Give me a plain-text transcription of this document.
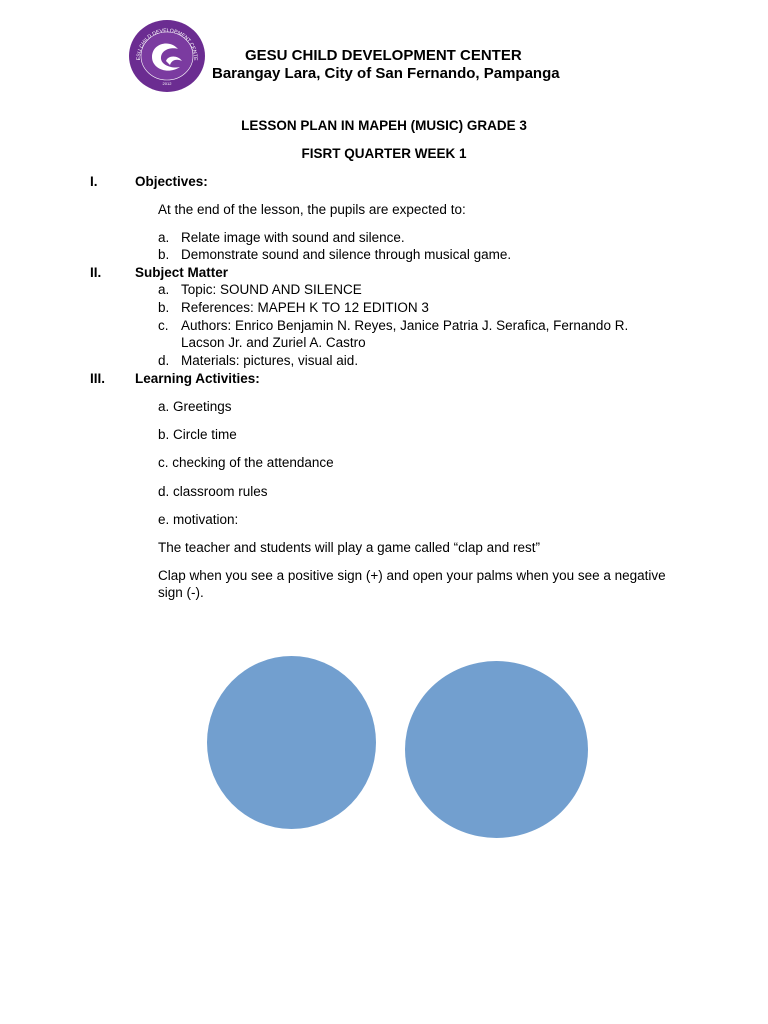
ESU CHILD DEVELOPMENT CENTE
2012
GESU CHILD DEVELOPMENT CENTER
Barangay Lara, City of San Fernando, Pampanga
LESSON PLAN IN MAPEH (MUSIC) GRADE 3
FISRT QUARTER WEEK 1
I.	Objectives:
At the end of the lesson, the pupils are expected to:
a. Relate image with sound and silence.
b. Demonstrate sound and silence through musical game.
II. Subject Matter
a. Topic: SOUND AND SILENCE
b. References: MAPEH K TO 12 EDITION 3
c. Authors: Enrico Benjamin N. Reyes, Janice Patria J. Serafica, Fernando R.
Lacson Jr. and Zuriel A. Castro
d. Materials: pictures, visual aid.
III. Learning Activities:
a. Greetings
b. Circle time
c. checking of the attendance
d. classroom rules
e. motivation:
The teacher and students will play a game called “clap and rest”
Clap when you see a positive sign (+) and open your palms when you see a negative
sign (-).
